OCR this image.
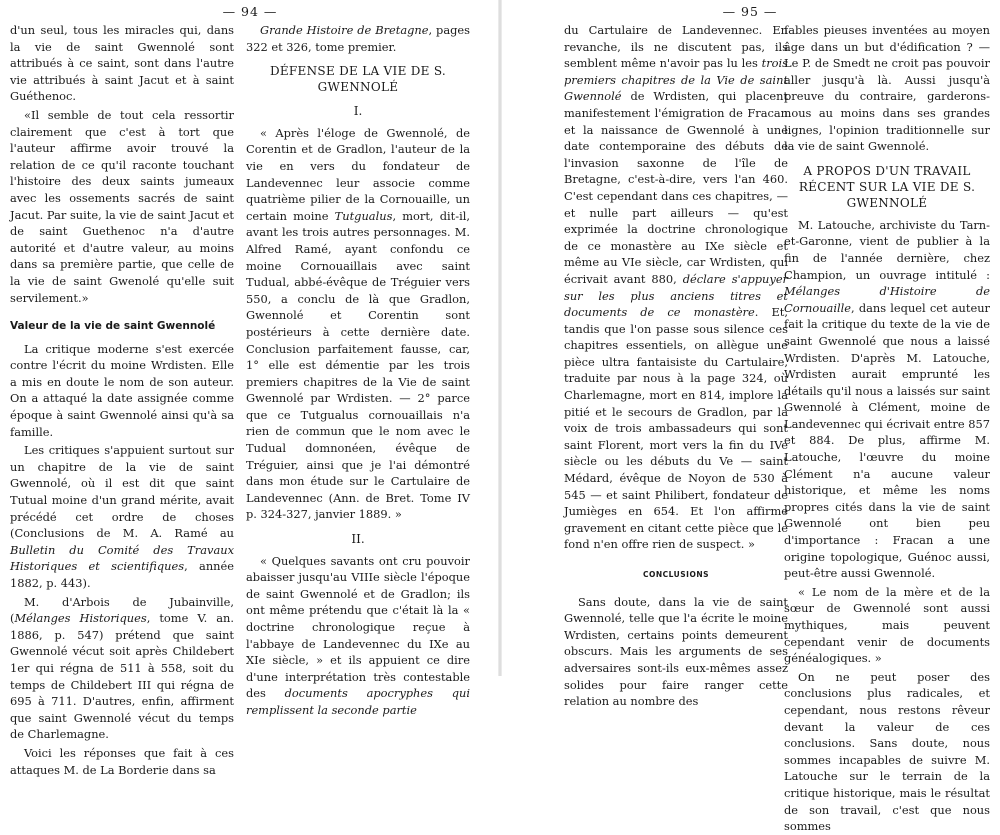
— 94 —

d'un seul, tous les miracles qui, dans la vie de saint Gwennolé sont attribués à ce saint, sont dans l'autre vie attribués à saint Jacut et à saint Guéthenoc.

«Il semble de tout cela ressortir clairement que c'est à tort que l'auteur affirme avoir trouvé la relation de ce qu'il raconte touchant l'histoire des deux saints jumeaux avec les ossements sacrés de saint Jacut. Par suite, la vie de saint Jacut et de saint Guethenoc n'a d'autre autorité et d'autre valeur, au moins dans sa première partie, que celle de la vie de saint Gwenolé qu'elle suit servilement.»

Valeur de la vie de saint Gwennolé

La critique moderne s'est exercée contre l'écrit du moine Wrdisten. Elle a mis en doute le nom de son auteur. On a attaqué la date assignée comme époque à saint Gwennolé ainsi qu'à sa famille.

Les critiques s'appuient surtout sur un chapitre de la vie de saint Gwennolé, où il est dit que saint Tutual moine d'un grand mérite, avait précédé cet ordre de choses (Conclusions de M. A. Ramé au Bulletin du Comité des Travaux Historiques et scientifiques, année 1882, p. 443).

M. d'Arbois de Jubainville, (Mélanges Historiques, tome V. an. 1886, p. 547) prétend que saint Gwennolé vécut soit après Childebert 1er qui régna de 511 à 558, soit du temps de Childebert III qui régna de 695 à 711. D'autres, enfin, affirment que saint Gwennolé vécut du temps de Charlemagne.

Voici les réponses que fait à ces attaques M. de La Borderie dans sa

Grande Histoire de Bretagne, pages 322 et 326, tome premier.

DÉFENSE DE LA VIE DE S. GWENNOLÉ

I.

« Après l'éloge de Gwennolé, de Corentin et de Gradlon, l'auteur de la vie en vers du fondateur de Landevennec leur associe comme quatrième pilier de la Cornouaille, un certain moine Tutgualus, mort, dit-il, avant les trois autres personnages. M. Alfred Ramé, ayant confondu ce moine Cornouaillais avec saint Tudual, abbé-évêque de Tréguier vers 550, a conclu de là que Gradlon, Gwennolé et Corentin sont postérieurs à cette dernière date. Conclusion parfaitement fausse, car, 1° elle est démentie par les trois premiers chapitres de la Vie de saint Gwennolé par Wrdisten. — 2° parce que ce Tutgualus cornouaillais n'a rien de commun que le nom avec le Tudual domnonéen, évêque de Tréguier, ainsi que je l'ai démontré dans mon étude sur le Cartulaire de Landevennec (Ann. de Bret. Tome IV p. 324-327, janvier 1889. »

II.

« Quelques savants ont cru pouvoir abaisser jusqu'au VIIIe siècle l'époque de saint Gwennolé et de Gradlon; ils ont même prétendu que c'était là la « doctrine chronologique reçue à l'abbaye de Landevennec du IXe au XIe siècle, » et ils appuient ce dire d'une interprétation très contestable des documents apocryphes qui remplissent la seconde partie

— 95 —

du Cartulaire de Landevennec. En revanche, ils ne discutent pas, ils semblent même n'avoir pas lu les trois premiers chapitres de la Vie de saint Gwennolé de Wrdisten, qui placent manifestement l'émigration de Fracan et la naissance de Gwennolé à une date contemporaine des débuts de l'invasion saxonne de l'île de Bretagne, c'est-à-dire, vers l'an 460. C'est cependant dans ces chapitres, — et nulle part ailleurs — qu'est exprimée la doctrine chronologique de ce monastère au IXe siècle et même au VIe siècle, car Wrdisten, qui écrivait avant 880, déclare s'appuyer sur les plus anciens titres et documents de ce monastère. Et, tandis que l'on passe sous silence ces chapitres essentiels, on allègue une pièce ultra fantaisiste du Cartulaire, traduite par nous à la page 324, où Charlemagne, mort en 814, implore la pitié et le secours de Gradlon, par la voix de trois ambassadeurs qui sont saint Florent, mort vers la fin du IVe siècle ou les débuts du Ve — saint Médard, évêque de Noyon de 530 à 545 — et saint Philibert, fondateur de Jumièges en 654. Et l'on affirme gravement en citant cette pièce que le fond n'en offre rien de suspect. »

CONCLUSIONS

Sans doute, dans la vie de saint Gwennolé, telle que l'a écrite le moine Wrdisten, certains points demeurent obscurs. Mais les arguments de ses adversaires sont-ils eux-mêmes assez solides pour faire ranger cette relation au nombre des

fables pieuses inventées au moyen âge dans un but d'édification ? — Le P. de Smedt ne croit pas pouvoir aller jusqu'à là. Aussi jusqu'à preuve du contraire, garderons-nous au moins dans ses grandes lignes, l'opinion traditionnelle sur la vie de saint Gwennolé.

A PROPOS D'UN TRAVAIL RÉCENT SUR LA VIE DE S. GWENNOLÉ

M. Latouche, archiviste du Tarn-et-Garonne, vient de publier à la fin de l'année dernière, chez Champion, un ouvrage intitulé : Mélanges d'Histoire de Cornouaille, dans lequel cet auteur fait la critique du texte de la vie de saint Gwennolé que nous a laissé Wrdisten. D'après M. Latouche, Wrdisten aurait emprunté les détails qu'il nous a laissés sur saint Gwennolé à Clément, moine de Landevennec qui écrivait entre 857 et 884. De plus, affirme M. Latouche, l'œuvre du moine Clément n'a aucune valeur historique, et même les noms propres cités dans la vie de saint Gwennolé ont bien peu d'importance : Fracan a une origine topologique, Guénoc aussi, peut-être aussi Gwennolé.

« Le nom de la mère et de la sœur de Gwennolé sont aussi mythiques, mais peuvent cependant venir de documents généalogiques. »

On ne peut poser des conclusions plus radicales, et cependant, nous restons rêveur devant la valeur de ces conclusions. Sans doute, nous sommes incapables de suivre M. Latouche sur le terrain de la critique historique, mais le résultat de son travail, c'est que nous sommes
